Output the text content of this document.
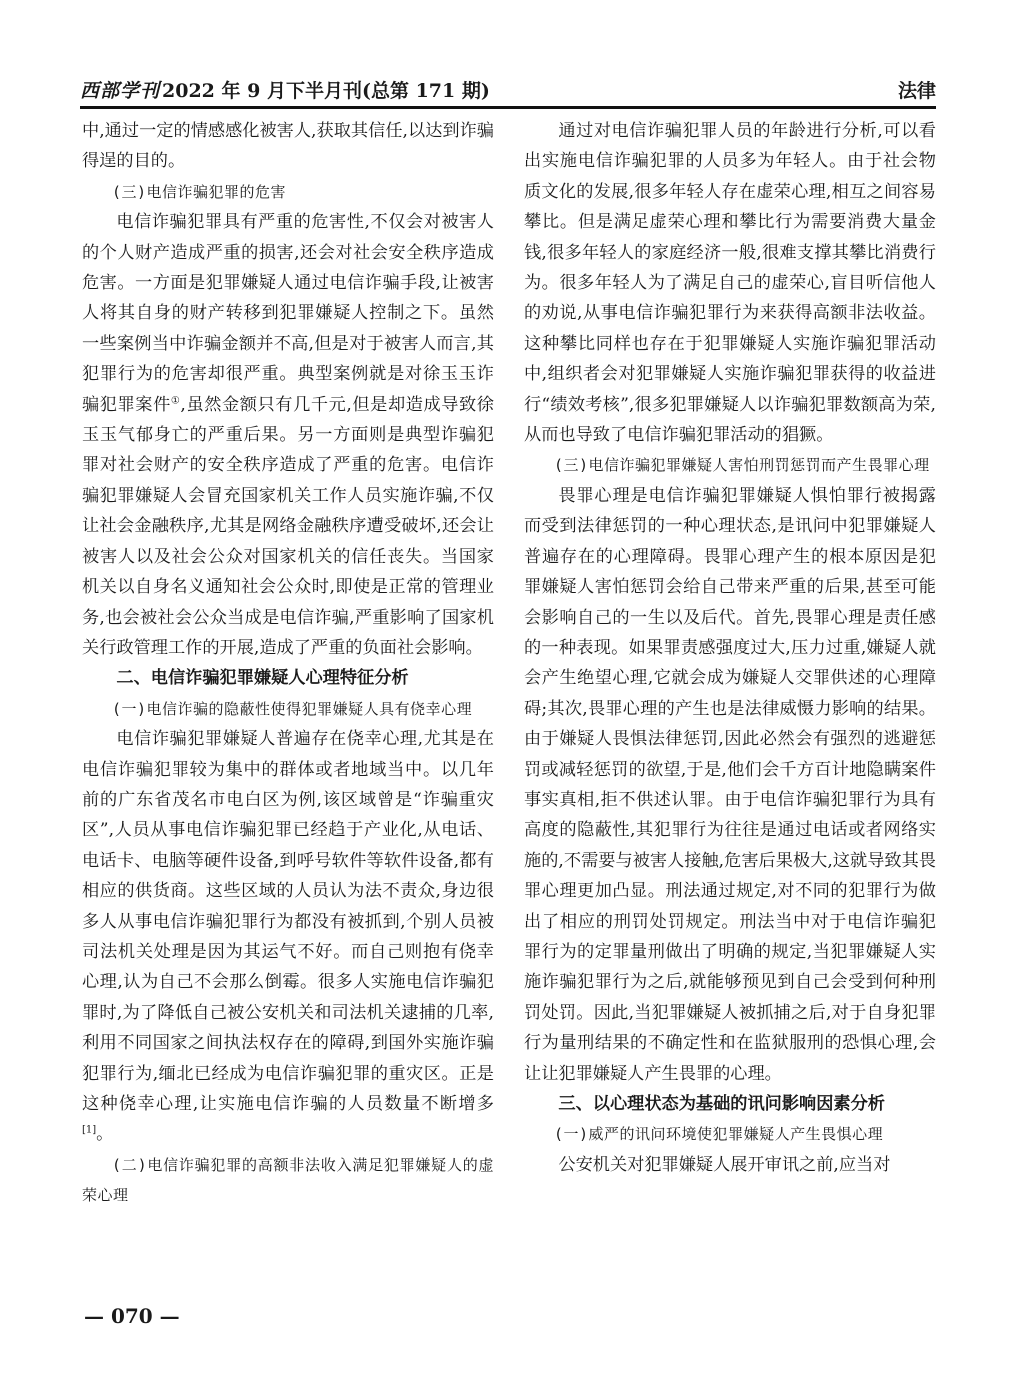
西部学刊 2022 年 9 月下半月刊(总第 171 期)	法律

中,通过一定的情感感化被害人,获取其信任,以达到诈骗得逞的目的。

(三)电信诈骗犯罪的危害

电信诈骗犯罪具有严重的危害性,不仅会对被害人的个人财产造成严重的损害,还会对社会安全秩序造成危害。一方面是犯罪嫌疑人通过电信诈骗手段,让被害人将其自身的财产转移到犯罪嫌疑人控制之下。虽然一些案例当中诈骗金额并不高,但是对于被害人而言,其犯罪行为的危害却很严重。典型案例就是对徐玉玉诈骗犯罪案件①,虽然金额只有几千元,但是却造成导致徐玉玉气郁身亡的严重后果。另一方面则是典型诈骗犯罪对社会财产的安全秩序造成了严重的危害。电信诈骗犯罪嫌疑人会冒充国家机关工作人员实施诈骗,不仅让社会金融秩序,尤其是网络金融秩序遭受破坏,还会让被害人以及社会公众对国家机关的信任丧失。当国家机关以自身名义通知社会公众时,即使是正常的管理业务,也会被社会公众当成是电信诈骗,严重影响了国家机关行政管理工作的开展,造成了严重的负面社会影响。

二、电信诈骗犯罪嫌疑人心理特征分析

(一)电信诈骗的隐蔽性使得犯罪嫌疑人具有侥幸心理

电信诈骗犯罪嫌疑人普遍存在侥幸心理,尤其是在电信诈骗犯罪较为集中的群体或者地域当中。以几年前的广东省茂名市电白区为例,该区域曾是“诈骗重灾区”,人员从事电信诈骗犯罪已经趋于产业化,从电话、电话卡、电脑等硬件设备,到呼号软件等软件设备,都有相应的供货商。这些区域的人员认为法不责众,身边很多人从事电信诈骗犯罪行为都没有被抓到,个别人员被司法机关处理是因为其运气不好。而自己则抱有侥幸心理,认为自己不会那么倒霉。很多人实施电信诈骗犯罪时,为了降低自己被公安机关和司法机关逮捕的几率,利用不同国家之间执法权存在的障碍,到国外实施诈骗犯罪行为,缅北已经成为电信诈骗犯罪的重灾区。正是这种侥幸心理,让实施电信诈骗的人员数量不断增多[1]。

(二)电信诈骗犯罪的高额非法收入满足犯罪嫌疑人的虚荣心理

通过对电信诈骗犯罪人员的年龄进行分析,可以看出实施电信诈骗犯罪的人员多为年轻人。由于社会物质文化的发展,很多年轻人存在虚荣心理,相互之间容易攀比。但是满足虚荣心理和攀比行为需要消费大量金钱,很多年轻人的家庭经济一般,很难支撑其攀比消费行为。很多年轻人为了满足自己的虚荣心,盲目听信他人的劝说,从事电信诈骗犯罪行为来获得高额非法收益。这种攀比同样也存在于犯罪嫌疑人实施诈骗犯罪活动中,组织者会对犯罪嫌疑人实施诈骗犯罪获得的收益进行“绩效考核”,很多犯罪嫌疑人以诈骗犯罪数额高为荣,从而也导致了电信诈骗犯罪活动的猖獗。

(三)电信诈骗犯罪嫌疑人害怕刑罚惩罚而产生畏罪心理

畏罪心理是电信诈骗犯罪嫌疑人惧怕罪行被揭露而受到法律惩罚的一种心理状态,是讯问中犯罪嫌疑人普遍存在的心理障碍。畏罪心理产生的根本原因是犯罪嫌疑人害怕惩罚会给自己带来严重的后果,甚至可能会影响自己的一生以及后代。首先,畏罪心理是责任感的一种表现。如果罪责感强度过大,压力过重,嫌疑人就会产生绝望心理,它就会成为嫌疑人交罪供述的心理障碍;其次,畏罪心理的产生也是法律威慑力影响的结果。由于嫌疑人畏惧法律惩罚,因此必然会有强烈的逃避惩罚或减轻惩罚的欲望,于是,他们会千方百计地隐瞒案件事实真相,拒不供述认罪。由于电信诈骗犯罪行为具有高度的隐蔽性,其犯罪行为往往是通过电话或者网络实施的,不需要与被害人接触,危害后果极大,这就导致其畏罪心理更加凸显。刑法通过规定,对不同的犯罪行为做出了相应的刑罚处罚规定。刑法当中对于电信诈骗犯罪行为的定罪量刑做出了明确的规定,当犯罪嫌疑人实施诈骗犯罪行为之后,就能够预见到自己会受到何种刑罚处罚。因此,当犯罪嫌疑人被抓捕之后,对于自身犯罪行为量刑结果的不确定性和在监狱服刑的恐惧心理,会让让犯罪嫌疑人产生畏罪的心理。

三、以心理状态为基础的讯问影响因素分析

(一)威严的讯问环境使犯罪嫌疑人产生畏惧心理

公安机关对犯罪嫌疑人展开审讯之前,应当对

— 070 —
